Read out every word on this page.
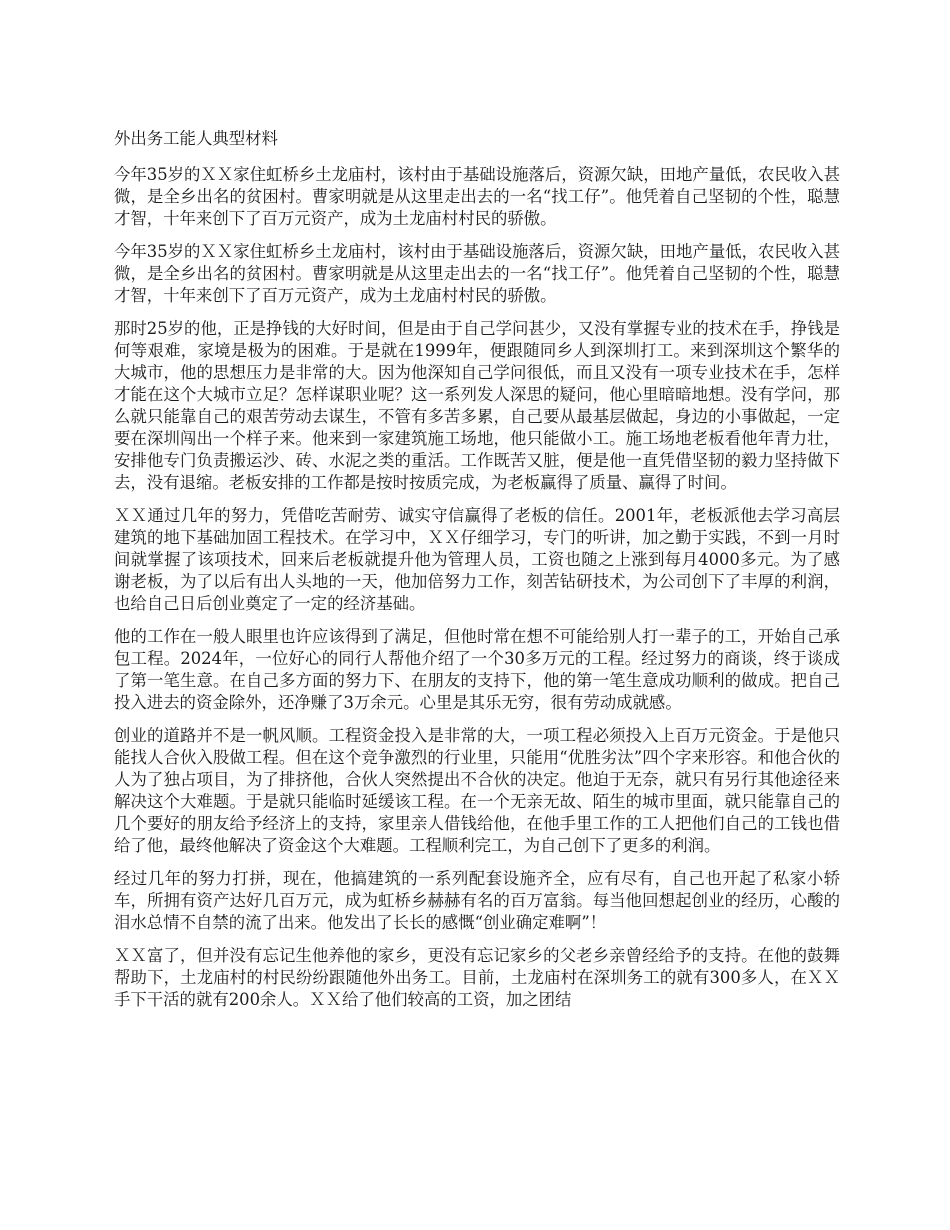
外出务工能人典型材料

今年35岁的ＸＸ家住虹桥乡土龙庙村，该村由于基础设施落后，资源欠缺，田地产量低，农民收入甚微，是全乡出名的贫困村。曹家明就是从这里走出去的一名“找工仔”。他凭着自己坚韧的个性，聪慧才智，十年来创下了百万元资产，成为土龙庙村村民的骄傲。

今年35岁的ＸＸ家住虹桥乡土龙庙村，该村由于基础设施落后，资源欠缺，田地产量低，农民收入甚微，是全乡出名的贫困村。曹家明就是从这里走出去的一名“找工仔”。他凭着自己坚韧的个性，聪慧才智，十年来创下了百万元资产，成为土龙庙村村民的骄傲。

那时25岁的他，正是挣钱的大好时间，但是由于自己学问甚少，又没有掌握专业的技术在手，挣钱是何等艰难，家境是极为的困难。于是就在1999年，便跟随同乡人到深圳打工。来到深圳这个繁华的大城市，他的思想压力是非常的大。因为他深知自己学问很低，而且又没有一项专业技术在手，怎样才能在这个大城市立足？怎样谋职业呢？这一系列发人深思的疑问，他心里暗暗地想。没有学问，那么就只能靠自己的艰苦劳动去谋生，不管有多苦多累，自己要从最基层做起，身边的小事做起，一定要在深圳闯出一个样子来。他来到一家建筑施工场地，他只能做小工。施工场地老板看他年青力壮，安排他专门负责搬运沙、砖、水泥之类的重活。工作既苦又脏，便是他一直凭借坚韧的毅力坚持做下去，没有退缩。老板安排的工作都是按时按质完成，为老板赢得了质量、赢得了时间。

ＸＸ通过几年的努力，凭借吃苦耐劳、诚实守信赢得了老板的信任。2001年，老板派他去学习高层建筑的地下基础加固工程技术。在学习中，ＸＸ仔细学习，专门的听讲，加之勤于实践，不到一月时间就掌握了该项技术，回来后老板就提升他为管理人员，工资也随之上涨到每月4000多元。为了感谢老板，为了以后有出人头地的一天，他加倍努力工作，刻苦钻研技术，为公司创下了丰厚的利润，也给自己日后创业奠定了一定的经济基础。

他的工作在一般人眼里也许应该得到了满足，但他时常在想不可能给别人打一辈子的工，开始自己承包工程。2024年，一位好心的同行人帮他介绍了一个30多万元的工程。经过努力的商谈，终于谈成了第一笔生意。在自己多方面的努力下、在朋友的支持下，他的第一笔生意成功顺利的做成。把自己投入进去的资金除外，还净赚了3万余元。心里是其乐无穷，很有劳动成就感。

创业的道路并不是一帆风顺。工程资金投入是非常的大，一项工程必须投入上百万元资金。于是他只能找人合伙入股做工程。但在这个竞争激烈的行业里，只能用“优胜劣汰”四个字来形容。和他合伙的人为了独占项目，为了排挤他，合伙人突然提出不合伙的决定。他迫于无奈，就只有另行其他途径来解决这个大难题。于是就只能临时延缓该工程。在一个无亲无故、陌生的城市里面，就只能靠自己的几个要好的朋友给予经济上的支持，家里亲人借钱给他，在他手里工作的工人把他们自己的工钱也借给了他，最终他解决了资金这个大难题。工程顺利完工，为自己创下了更多的利润。

经过几年的努力打拼，现在，他搞建筑的一系列配套设施齐全，应有尽有，自己也开起了私家小轿车，所拥有资产达好几百万元，成为虹桥乡赫赫有名的百万富翁。每当他回想起创业的经历，心酸的泪水总情不自禁的流了出来。他发出了长长的感慨“创业确定难啊”！

ＸＸ富了，但并没有忘记生他养他的家乡，更没有忘记家乡的父老乡亲曾经给予的支持。在他的鼓舞帮助下，土龙庙村的村民纷纷跟随他外出务工。目前，土龙庙村在深圳务工的就有300多人，在ＸＸ手下干活的就有200余人。ＸＸ给了他们较高的工资，加之团结
